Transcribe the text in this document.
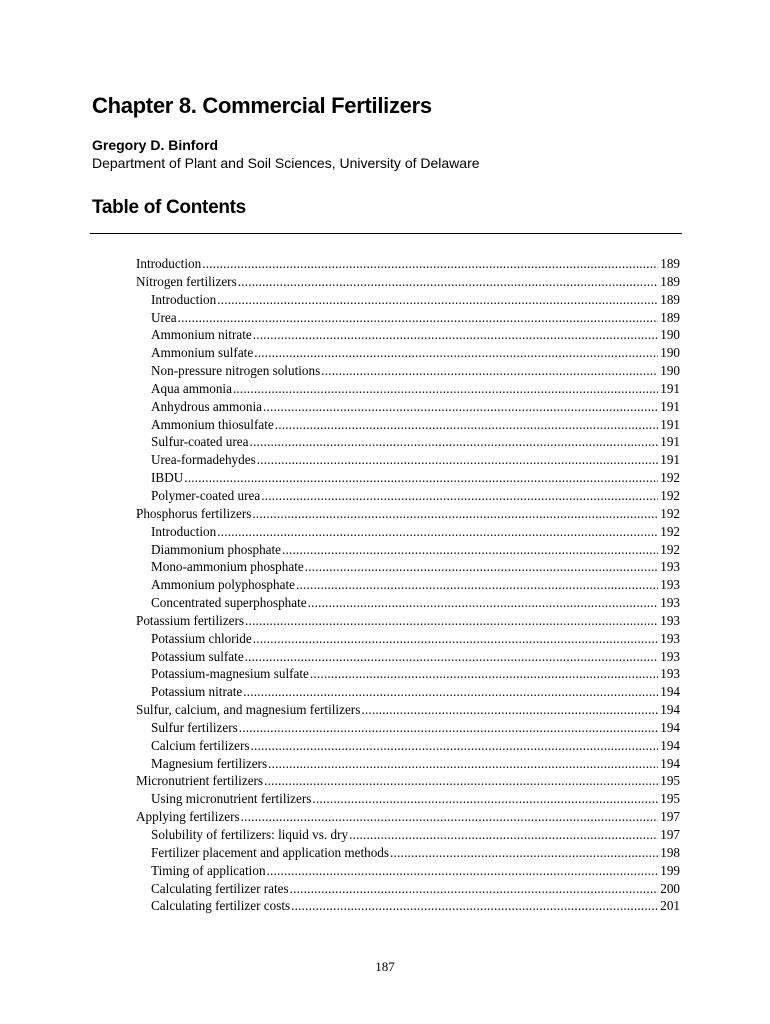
Chapter 8. Commercial Fertilizers
Gregory D. Binford
Department of Plant and Soil Sciences, University of Delaware
Table of Contents
Introduction .....	189
Nitrogen fertilizers .....	189
Introduction .....	189
Urea .....	189
Ammonium nitrate .....	190
Ammonium sulfate .....	190
Non-pressure nitrogen solutions .....	190
Aqua ammonia .....	191
Anhydrous ammonia .....	191
Ammonium thiosulfate .....	191
Sulfur-coated urea .....	191
Urea-formadehydes .....	191
IBDU .....	192
Polymer-coated urea .....	192
Phosphorus fertilizers .....	192
Introduction .....	192
Diammonium phosphate .....	192
Mono-ammonium phosphate .....	193
Ammonium polyphosphate .....	193
Concentrated superphosphate .....	193
Potassium fertilizers .....	193
Potassium chloride .....	193
Potassium sulfate .....	193
Potassium-magnesium sulfate .....	193
Potassium nitrate .....	194
Sulfur, calcium, and magnesium fertilizers .....	194
Sulfur fertilizers .....	194
Calcium fertilizers .....	194
Magnesium fertilizers .....	194
Micronutrient fertilizers .....	195
Using micronutrient fertilizers .....	195
Applying fertilizers .....	197
Solubility of fertilizers: liquid vs. dry .....	197
Fertilizer placement and application methods .....	198
Timing of application .....	199
Calculating fertilizer rates .....	200
Calculating fertilizer costs .....	201
187
